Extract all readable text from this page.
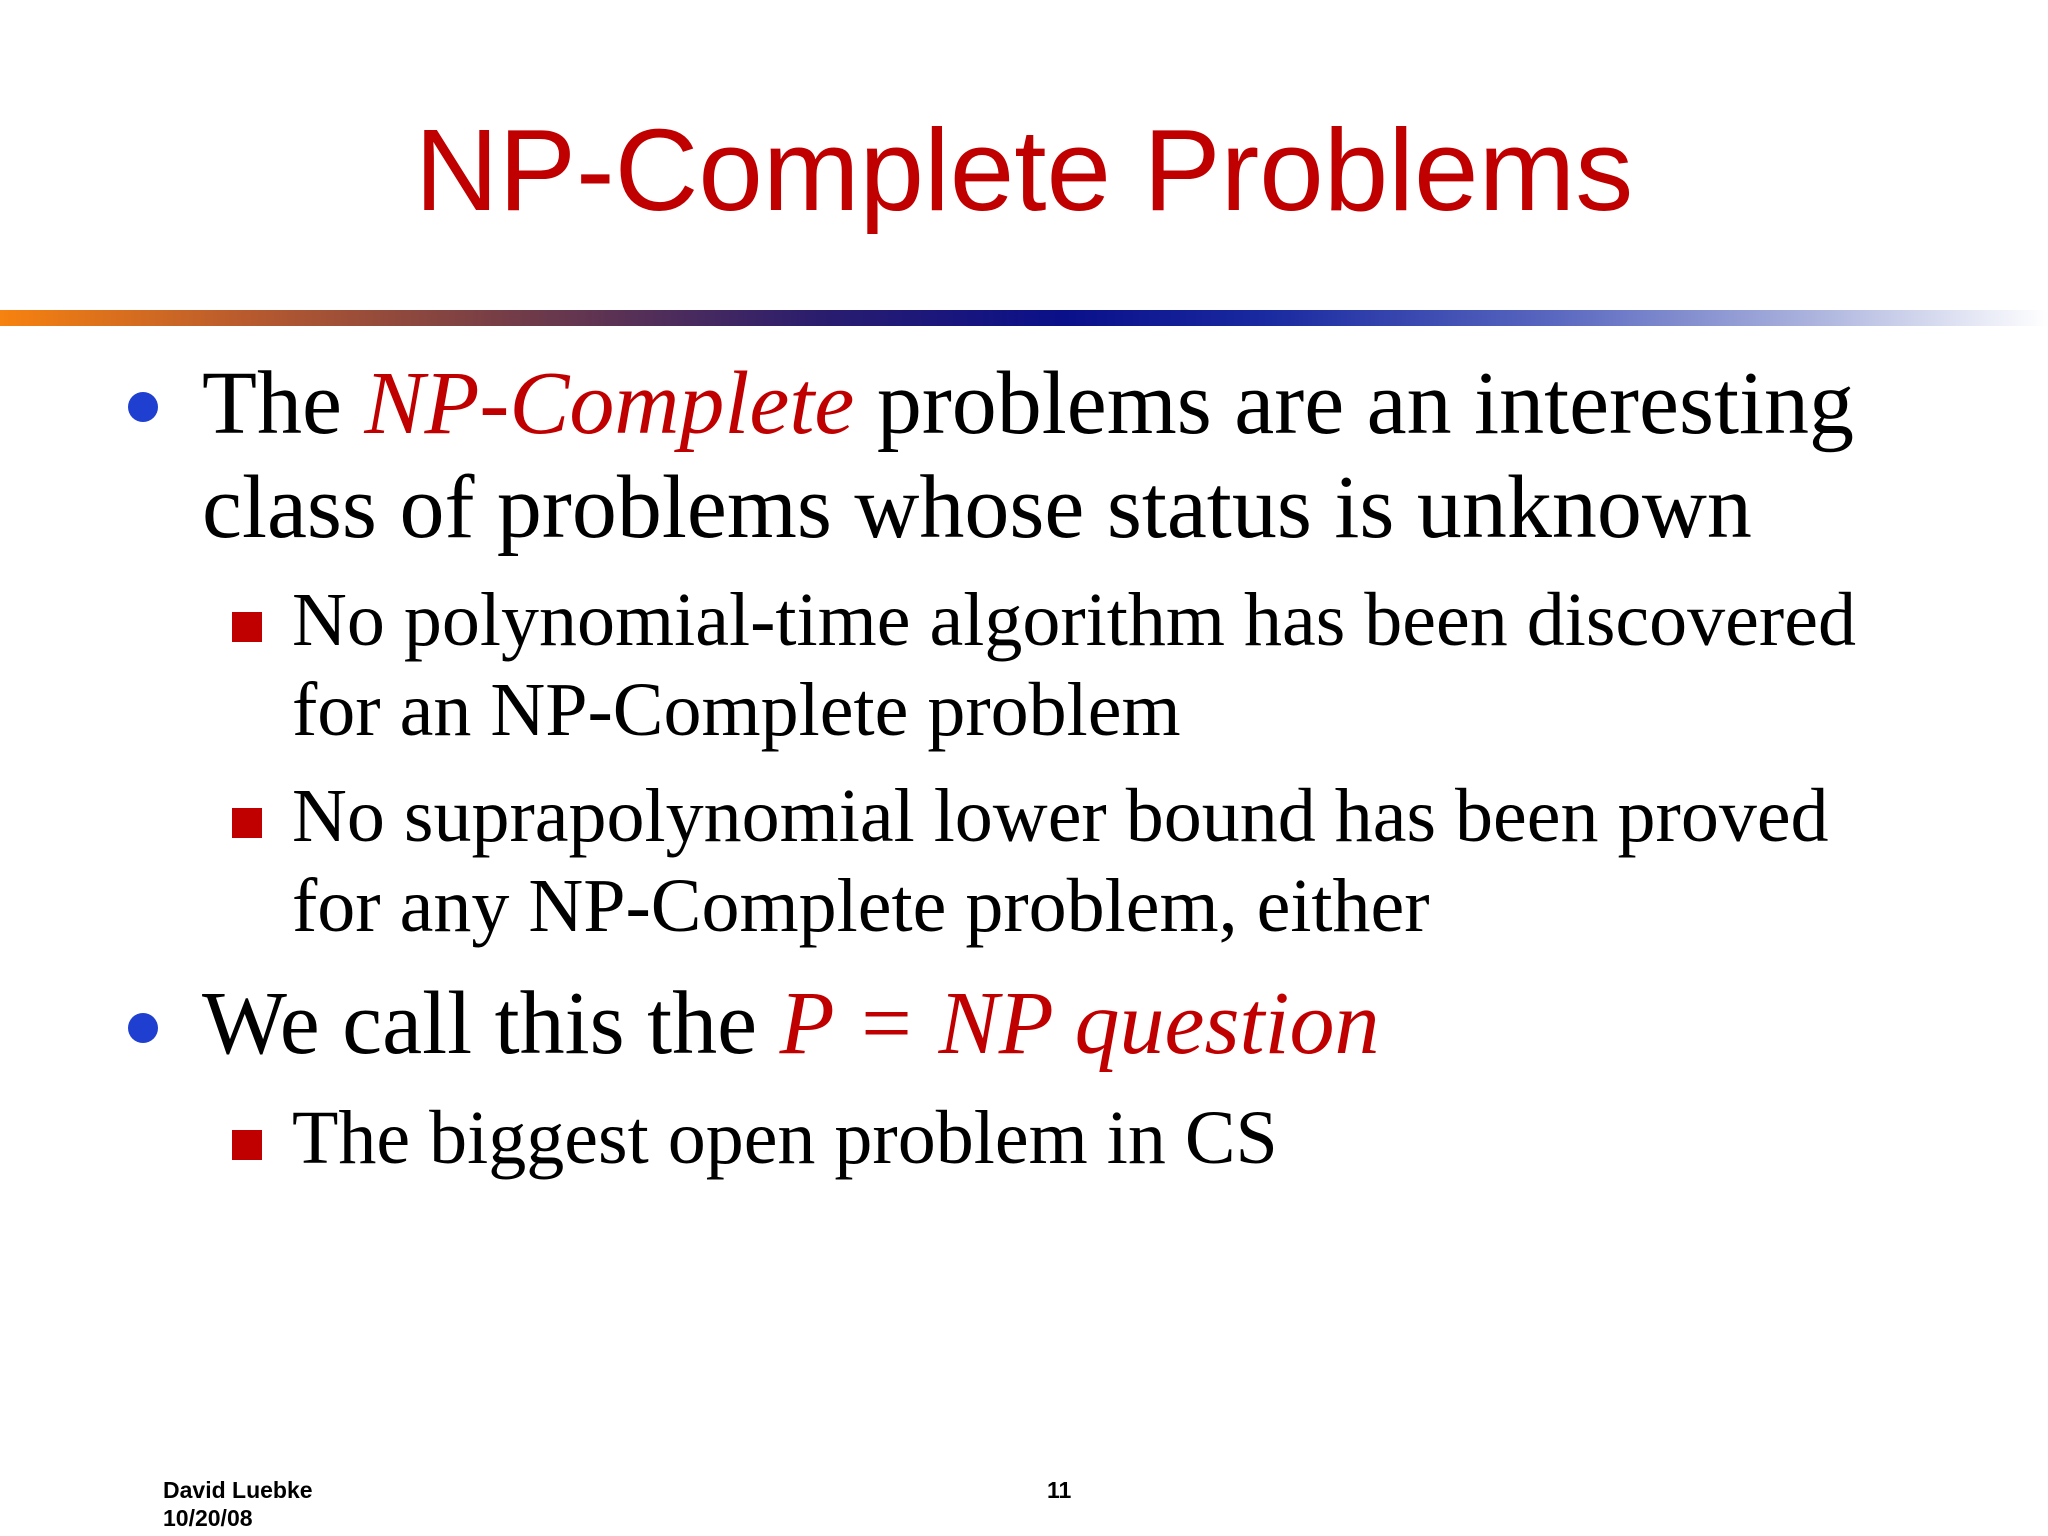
NP-Complete Problems
The NP-Complete problems are an interesting
class of problems whose status is unknown
No polynomial-time algorithm has been discovered
for an NP-Complete problem
No suprapolynomial lower bound has been proved
for any NP-Complete problem, either
We call this the P = NP question
The biggest open problem in CS
David Luebke
10/20/08
11
